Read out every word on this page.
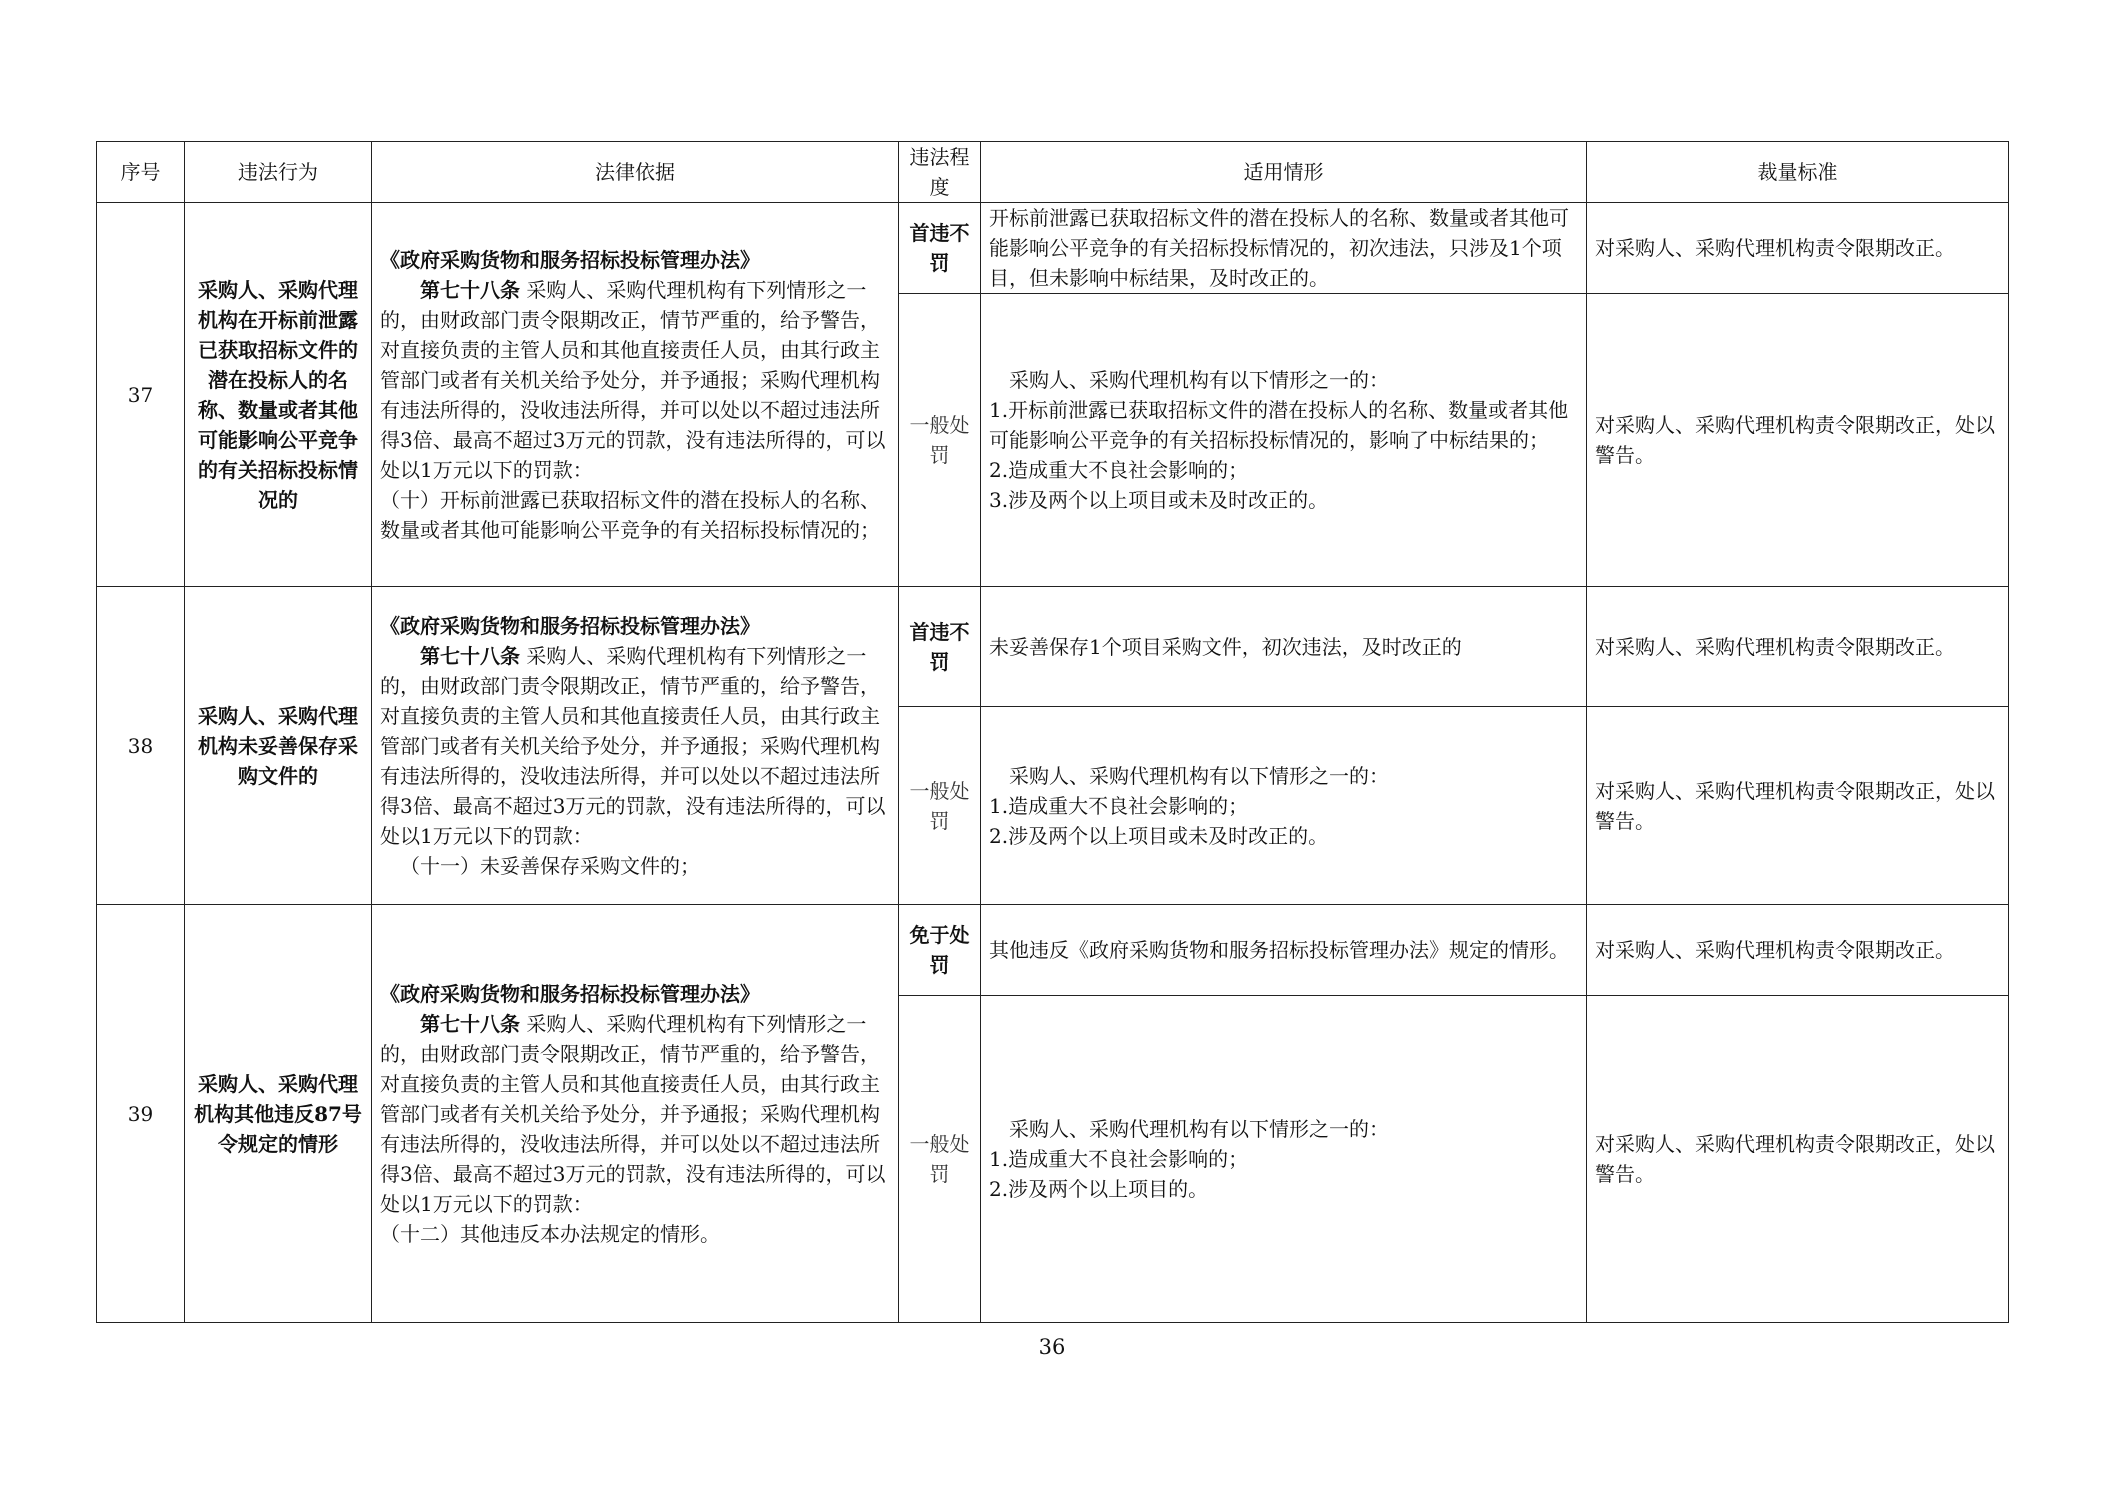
序号	违法行为	法律依据	违法程度	适用情形	裁量标准
37	采购人、采购代理机构在开标前泄露已获取招标文件的潜在投标人的名称、数量或者其他可能影响公平竞争的有关招标投标情况的	《政府采购货物和服务招标投标管理办法》
第七十八条 采购人、采购代理机构有下列情形之一的，由财政部门责令限期改正，情节严重的，给予警告，对直接负责的主管人员和其他直接责任人员，由其行政主管部门或者有关机关给予处分，并予通报；采购代理机构有违法所得的，没收违法所得，并可以处以不超过违法所得3倍、最高不超过3万元的罚款，没有违法所得的，可以处以1万元以下的罚款：
（十）开标前泄露已获取招标文件的潜在投标人的名称、数量或者其他可能影响公平竞争的有关招标投标情况的；	首违不罚	开标前泄露已获取招标文件的潜在投标人的名称、数量或者其他可能影响公平竞争的有关招标投标情况的，初次违法，只涉及1个项目，但未影响中标结果，及时改正的。	对采购人、采购代理机构责令限期改正。
			一般处罚	采购人、采购代理机构有以下情形之一的：
1.开标前泄露已获取招标文件的潜在投标人的名称、数量或者其他可能影响公平竞争的有关招标投标情况的，影响了中标结果的；
2.造成重大不良社会影响的；
3.涉及两个以上项目或未及时改正的。	对采购人、采购代理机构责令限期改正，处以警告。
38	采购人、采购代理机构未妥善保存采购文件的	《政府采购货物和服务招标投标管理办法》
第七十八条 采购人、采购代理机构有下列情形之一的，由财政部门责令限期改正，情节严重的，给予警告，对直接负责的主管人员和其他直接责任人员，由其行政主管部门或者有关机关给予处分，并予通报；采购代理机构有违法所得的，没收违法所得，并可以处以不超过违法所得3倍、最高不超过3万元的罚款，没有违法所得的，可以处以1万元以下的罚款：
（十一）未妥善保存采购文件的；	首违不罚	未妥善保存1个项目采购文件，初次违法，及时改正的	对采购人、采购代理机构责令限期改正。
			一般处罚	采购人、采购代理机构有以下情形之一的：
1.造成重大不良社会影响的；
2.涉及两个以上项目或未及时改正的。	对采购人、采购代理机构责令限期改正，处以警告。
39	采购人、采购代理机构其他违反87号令规定的情形	《政府采购货物和服务招标投标管理办法》
第七十八条 采购人、采购代理机构有下列情形之一的，由财政部门责令限期改正，情节严重的，给予警告，对直接负责的主管人员和其他直接责任人员，由其行政主管部门或者有关机关给予处分，并予通报；采购代理机构有违法所得的，没收违法所得，并可以处以不超过违法所得3倍、最高不超过3万元的罚款，没有违法所得的，可以处以1万元以下的罚款：
（十二）其他违反本办法规定的情形。	免于处罚	其他违反《政府采购货物和服务招标投标管理办法》规定的情形。	对采购人、采购代理机构责令限期改正。
			一般处罚	采购人、采购代理机构有以下情形之一的：
1.造成重大不良社会影响的；
2.涉及两个以上项目的。	对采购人、采购代理机构责令限期改正，处以警告。
36
